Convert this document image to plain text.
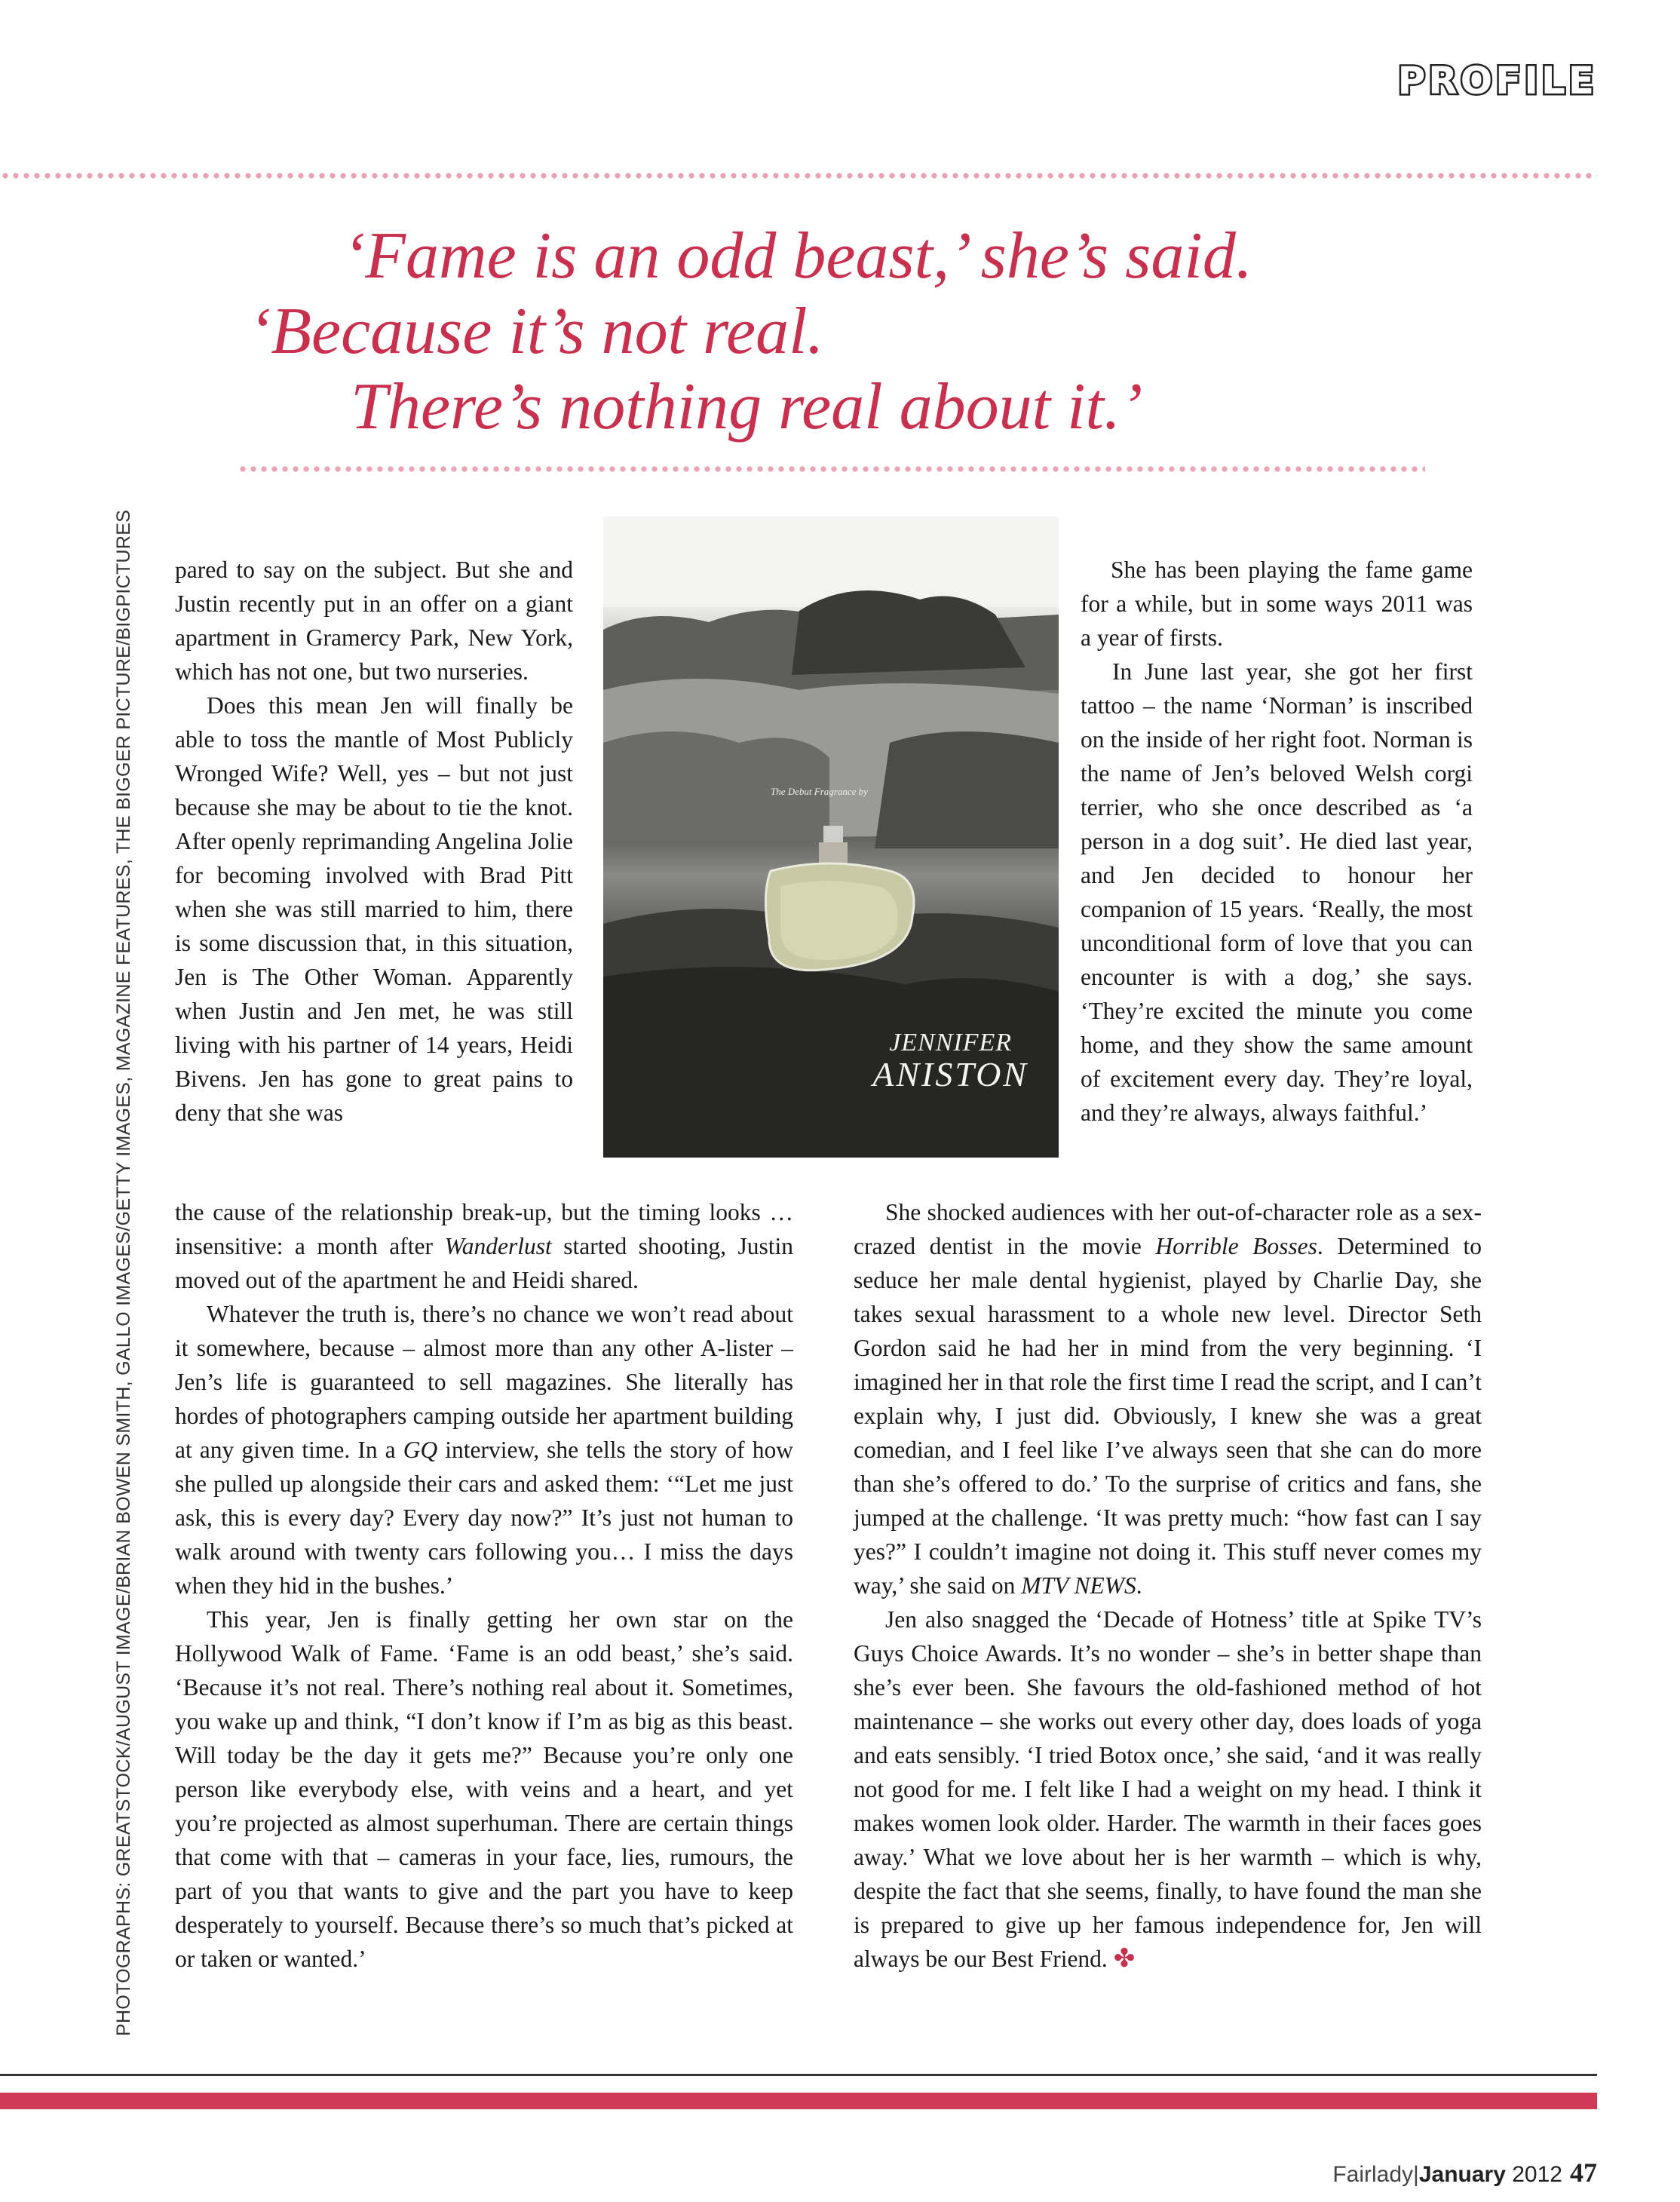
PROFILE
‘Fame is an odd beast,’ she’s said.
‘Because it’s not real.
There’s nothing real about it.’
PHOTOGRAPHS: GREATSTOCK/AUGUST IMAGE/BRIAN BOWEN SMITH, GALLO IMAGES/GETTY IMAGES, MAGAZINE FEATURES, THE BIGGER PICTURE/BIGPICTURES pared to say on the subject. But she and Justin recently put in an offer on a giant apartment in Gramercy Park, New York, which has not one, but two nurseries.

Does this mean Jen will finally be able to toss the mantle of Most Publicly Wronged Wife? Well, yes – but not just because she may be about to tie the knot. After openly reprimanding Angelina Jolie for becoming involved with Brad Pitt when she was still married to him, there is some discussion that, in this situation, Jen is The Other Woman. Apparently when Justin and Jen met, he was still living with his partner of 14 years, Heidi Bivens. Jen has gone to great pains to deny that she was

the cause of the relationship break-up, but the timing looks … insensitive: a month after Wanderlust started shooting, Justin moved out of the apartment he and Heidi shared.

Whatever the truth is, there’s no chance we won’t read about it somewhere, because – almost more than any other A-lister – Jen’s life is guaranteed to sell magazines. She literally has hordes of photographers camping outside her apartment building at any given time. In a GQ interview, she tells the story of how she pulled up alongside their cars and asked them: ‘“Let me just ask, this is every day? Every day now?” It’s just not human to walk around with twenty cars following you… I miss the days when they hid in the bushes.’

This year, Jen is finally getting her own star on the Hollywood Walk of Fame. ‘Fame is an odd beast,’ she’s said. ‘Because it’s not real. There’s nothing real about it. Sometimes, you wake up and think, “I don’t know if I’m as big as this beast. Will today be the day it gets me?” Because you’re only one person like everybody else, with veins and a heart, and yet you’re projected as almost superhuman. There are certain things that come with that – cameras in your face, lies, rumours, the part of you that wants to give and the part you have to keep desperately to yourself. Because there’s so much that’s picked at or taken or wanted.’

The Debut Fragrance by
JENNIFER
ANISTON

She has been playing the fame game for a while, but in some ways 2011 was a year of firsts.

In June last year, she got her first tattoo – the name ‘Norman’ is inscribed on the inside of her right foot. Norman is the name of Jen’s beloved Welsh corgi terrier, who she once described as ‘a person in a dog suit’. He died last year, and Jen decided to honour her companion of 15 years. ‘Really, the most unconditional form of love that you can encounter is with a dog,’ she says. ‘They’re excited the minute you come home, and they show the same amount of excitement every day. They’re loyal, and they’re always, always faithful.’

She shocked audiences with her out-of-character role as a sex-crazed dentist in the movie Horrible Bosses. Determined to seduce her male dental hygienist, played by Charlie Day, she takes sexual harassment to a whole new level. Director Seth Gordon said he had her in mind from the very beginning. ‘I imagined her in that role the first time I read the script, and I can’t explain why, I just did. Obviously, I knew she was a great comedian, and I feel like I’ve always seen that she can do more than she’s offered to do.’ To the surprise of critics and fans, she jumped at the challenge. ‘It was pretty much: “how fast can I say yes?” I couldn’t imagine not doing it. This stuff never comes my way,’ she said on MTV NEWS.

Jen also snagged the ‘Decade of Hotness’ title at Spike TV’s Guys Choice Awards. It’s no wonder – she’s in better shape than she’s ever been. She favours the old-fashioned method of hot maintenance – she works out every other day, does loads of yoga and eats sensibly. ‘I tried Botox once,’ she said, ‘and it was really not good for me. I felt like I had a weight on my head. I think it makes women look older. Harder. The warmth in their faces goes away.’ What we love about her is her warmth – which is why, despite the fact that she seems, finally, to have found the man she is prepared to give up her famous independence for, Jen will always be our Best Friend. ✤

Fairlady|January 2012 47
